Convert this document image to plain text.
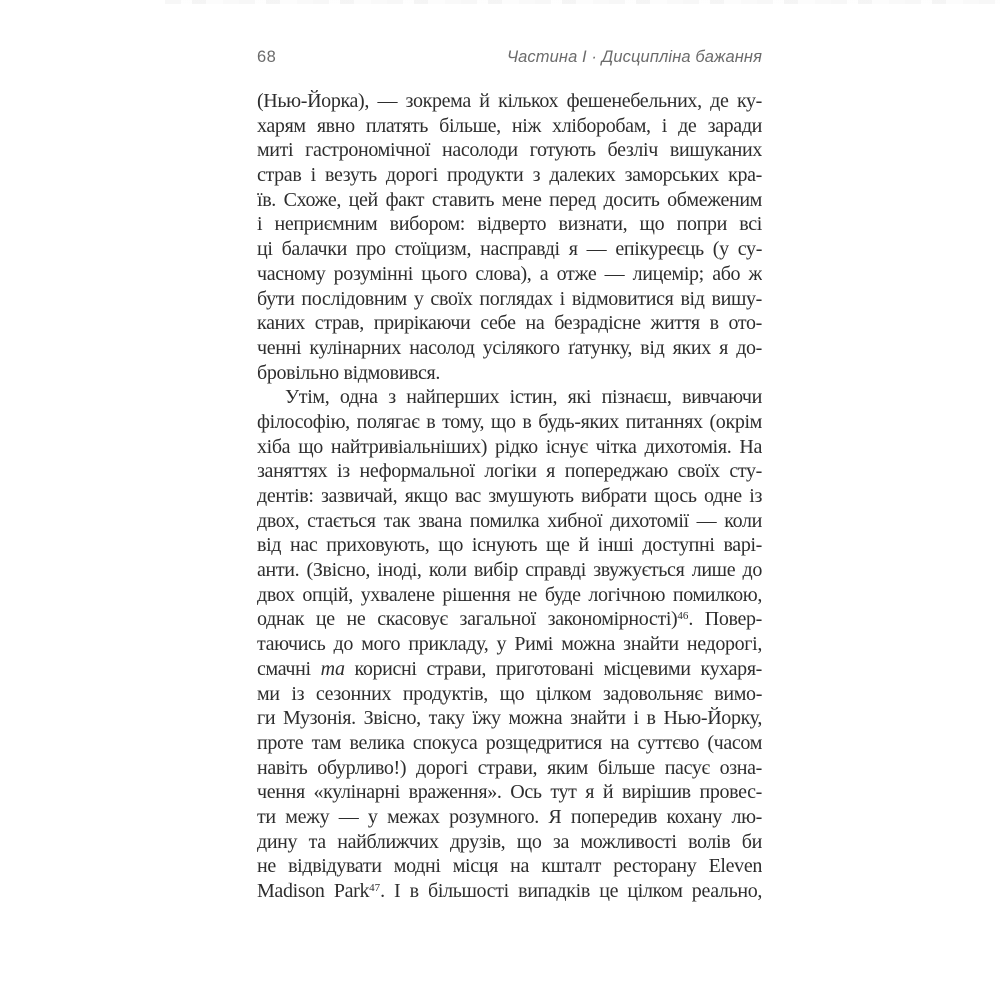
68	Частина I · Дисципліна бажання
(Нью-Йорка), — зокрема й кількох фешенебельних, де ку-
харям явно платять більше, ніж хліборобам, і де заради
миті гастрономічної насолоди готують безліч вишуканих
страв і везуть дорогі продукти з далеких заморських кра-
їв. Схоже, цей факт ставить мене перед досить обмеженим
і неприємним вибором: відверто визнати, що попри всі
ці балачки про стоїцизм, насправді я — епікуреєць (у су-
часному розумінні цього слова), а отже — лицемір; або ж
бути послідовним у своїх поглядах і відмовитися від вишу-
каних страв, прирікаючи себе на безрадісне життя в ото-
ченні кулінарних насолод усілякого ґатунку, від яких я до-
бровільно відмовився.
Утім, одна з найперших істин, які пізнаєш, вивчаючи
філософію, полягає в тому, що в будь-яких питаннях (окрім
хіба що найтривіальніших) рідко існує чітка дихотомія. На
заняттях із неформальної логіки я попереджаю своїх сту-
дентів: зазвичай, якщо вас змушують вибрати щось одне із
двох, стається так звана помилка хибної дихотомії — коли
від нас приховують, що існують ще й інші доступні варі-
анти. (Звісно, іноді, коли вибір справді звужується лише до
двох опцій, ухвалене рішення не буде логічною помилкою,
однак це не скасовує загальної закономірності)$^{46}$. Повер-
таючись до мого прикладу, у Римі можна знайти недорогі,
смачні та корисні страви, приготовані місцевими кухаря-
ми із сезонних продуктів, що цілком задовольняє вимо-
ги Музонія. Звісно, таку їжу можна знайти і в Нью-Йорку,
проте там велика спокуса розщедритися на суттєво (часом
навіть обурливо!) дорогі страви, яким більше пасує озна-
чення «кулінарні враження». Ось тут я й вирішив провес-
ти межу — у межах розумного. Я попередив кохану лю-
дину та найближчих друзів, що за можливості волів би
не відвідувати модні місця на кшталт ресторану Eleven
Madison Park$^{47}$. І в більшості випадків це цілком реально,
